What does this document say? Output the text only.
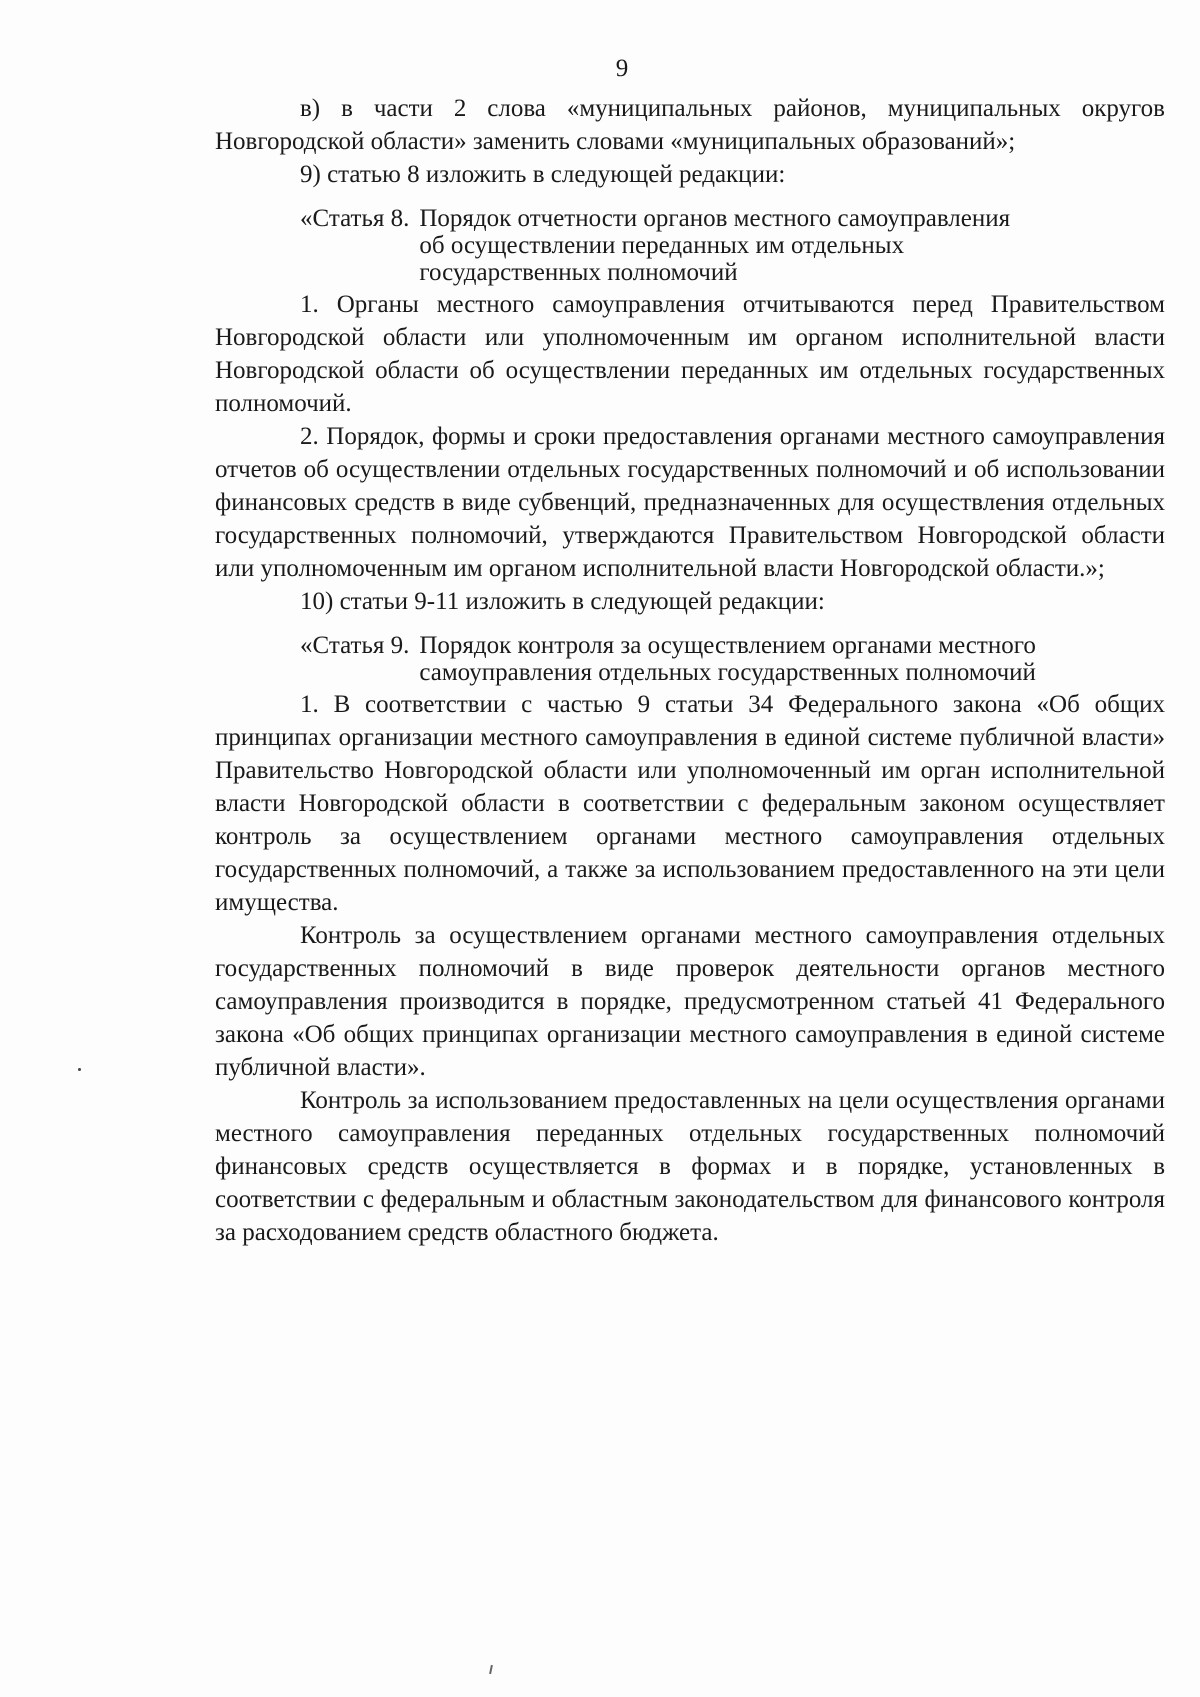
9

в) в части 2 слова «муниципальных районов, муниципальных округов Новгородской области» заменить словами «муниципальных образований»;

9) статью 8 изложить в следующей редакции:

«Статья 8. Порядок отчетности органов местного самоуправления
об осуществлении переданных им отдельных
государственных полномочий

1. Органы местного самоуправления отчитываются перед Правительством Новгородской области или уполномоченным им органом исполнительной власти Новгородской области об осуществлении переданных им отдельных государственных полномочий.

2. Порядок, формы и сроки предоставления органами местного самоуправления отчетов об осуществлении отдельных государственных полномочий и об использовании финансовых средств в виде субвенций, предназначенных для осуществления отдельных государственных полномочий, утверждаются Правительством Новгородской области или уполномоченным им органом исполнительной власти Новгородской области.»;

10) статьи 9-11 изложить в следующей редакции:

«Статья 9. Порядок контроля за осуществлением органами местного
самоуправления отдельных государственных полномочий

1. В соответствии с частью 9 статьи 34 Федерального закона «Об общих принципах организации местного самоуправления в единой системе публичной власти» Правительство Новгородской области или уполномоченный им орган исполнительной власти Новгородской области в соответствии с федеральным законом осуществляет контроль за осуществлением органами местного самоуправления отдельных государственных полномочий, а также за использованием предоставленного на эти цели имущества.

Контроль за осуществлением органами местного самоуправления отдельных государственных полномочий в виде проверок деятельности органов местного самоуправления производится в порядке, предусмотренном статьей 41 Федерального закона «Об общих принципах организации местного самоуправления в единой системе публичной власти».

Контроль за использованием предоставленных на цели осуществления органами местного самоуправления переданных отдельных государственных полномочий финансовых средств осуществляется в формах и в порядке, установленных в соответствии с федеральным и областным законодательством для финансового контроля за расходованием средств областного бюджета.
